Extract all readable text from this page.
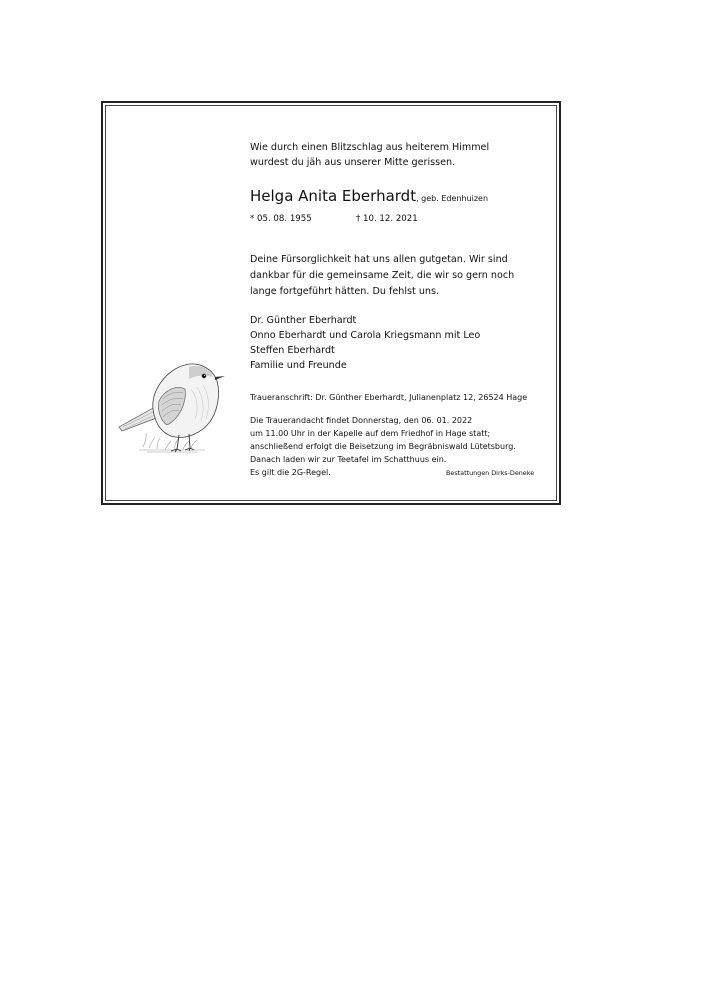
Wie durch einen Blitzschlag aus heiterem Himmel
wurdest du jäh aus unserer Mitte gerissen.

Helga Anita Eberhardt, geb. Edenhuizen
* 05. 08. 1955	† 10. 12. 2021

Deine Fürsorglichkeit hat uns allen gutgetan. Wir sind
dankbar für die gemeinsame Zeit, die wir so gern noch
lange fortgeführt hätten. Du fehlst uns.

Dr. Günther Eberhardt
Onno Eberhardt und Carola Kriegsmann mit Leo
Steffen Eberhardt
Familie und Freunde
Traueranschrift: Dr. Günther Eberhardt, Julianenplatz 12, 26524 Hage
Die Trauerandacht findet Donnerstag, den 06. 01. 2022
um 11.00 Uhr in der Kapelle auf dem Friedhof in Hage statt;
anschließend erfolgt die Beisetzung im Begräbniswald Lütetsburg.
Danach laden wir zur Teetafel im Schatthuus ein.
Es gilt die 2G-Regel.	Bestattungen Dirks-Deneke
